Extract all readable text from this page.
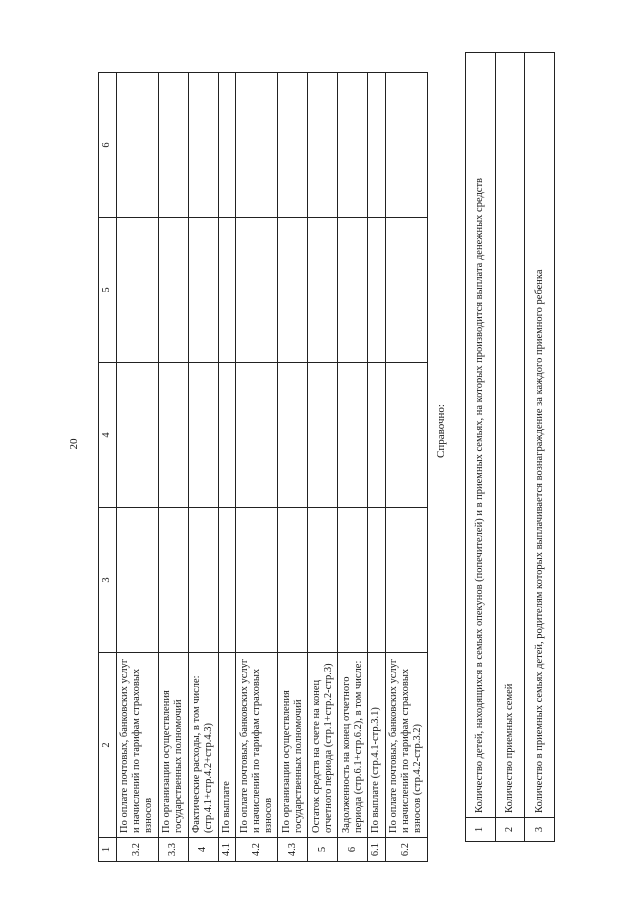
20
1	2	3	4	5	6
3.2	По оплате почтовых, банковских услуг и начислений по тарифам страховых взносов				
3.3	По организации осуществления государственных полномочий				
4	Фактические расходы, в том числе: (стр.4.1+стр.4.2+стр.4.3)				
4.1	По выплате				
4.2	По оплате почтовых, банковских услуг и начислений по тарифам страховых взносов				
4.3	По организации осуществления государственных полномочий				
5	Остаток средств на счете на конец отчетного периода (стр.1+стр.2-стр.3)				
6	Задолженность на конец отчетного периода (стр.6.1+стр.6.2), в том числе:				
6.1	По выплате (стр.4.1-стр.3.1)				
6.2	По оплате почтовых, банковских услуг и начислений по тарифам страховых взносов (стр.4.2-стр.3.2)				
Справочно:
1	Количество детей, находящихся в семьях опекунов (попечителей) и в приемных семьях, на которых производится выплата денежных средств
2	Количество приемных семей
3	Количество в приемных семьях детей, родителям которых выплачивается вознаграждение за каждого приемного ребенка
